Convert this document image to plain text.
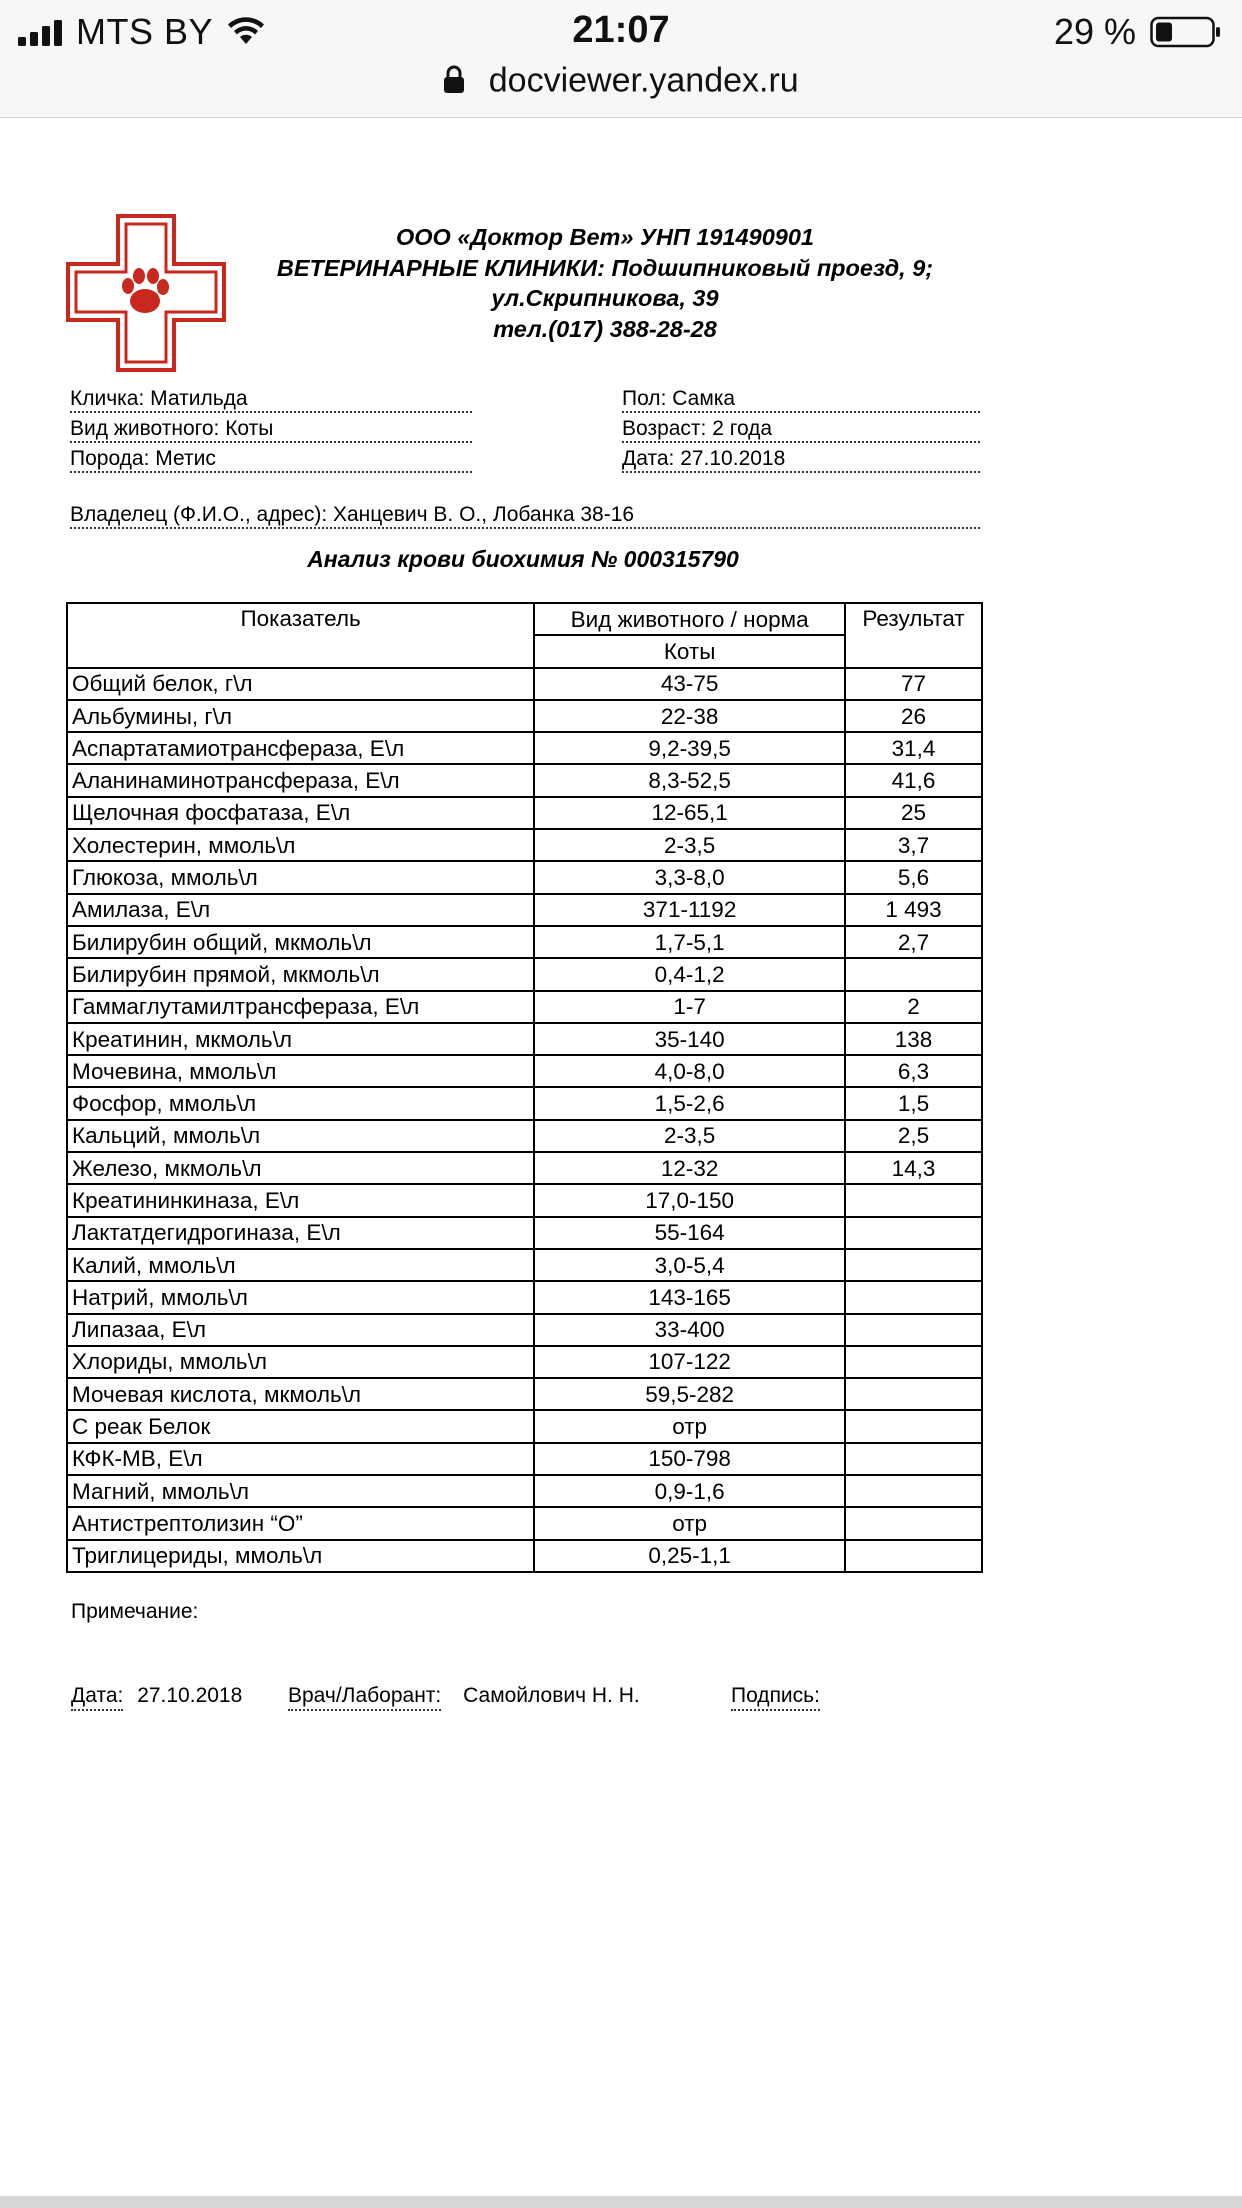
MTS BY	21:07	29 %
docviewer.yandex.ru
ООО «Доктор Вет» УНП 191490901
ВЕТЕРИНАРНЫЕ КЛИНИКИ: Подшипниковый проезд, 9;
ул.Скрипникова, 39
тел.(017) 388-28-28
Кличка: Матильда
Вид животного: Коты
Порода: Метис
Пол: Самка
Возраст: 2 года
Дата: 27.10.2018
Владелец (Ф.И.О., адрес): Ханцевич В. О., Лобанка 38-16
Анализ крови биохимия № 000315790
Показатель	Вид животного / норма	Результат
	Коты	
Общий белок, г\л	43-75	77
Альбумины, г\л	22-38	26
Аспартатамиотрансфераза, Е\л	9,2-39,5	31,4
Аланинаминотрансфераза, Е\л	8,3-52,5	41,6
Щелочная фосфатаза, Е\л	12-65,1	25
Холестерин, ммоль\л	2-3,5	3,7
Глюкоза, ммоль\л	3,3-8,0	5,6
Амилаза, Е\л	371-1192	1 493
Билирубин общий, мкмоль\л	1,7-5,1	2,7
Билирубин прямой, мкмоль\л	0,4-1,2	
Гаммаглутамилтрансфераза, Е\л	1-7	2
Креатинин, мкмоль\л	35-140	138
Мочевина, ммоль\л	4,0-8,0	6,3
Фосфор, ммоль\л	1,5-2,6	1,5
Кальций, ммоль\л	2-3,5	2,5
Железо, мкмоль\л	12-32	14,3
Креатининкиназа, Е\л	17,0-150	
Лактатдегидрогиназа, Е\л	55-164	
Калий, ммоль\л	3,0-5,4	
Натрий, ммоль\л	143-165	
Липазаа, Е\л	33-400	
Хлориды, ммоль\л	107-122	
Мочевая кислота, мкмоль\л	59,5-282	
С реак Белок	отр	
КФК-МВ, Е\л	150-798	
Магний, ммоль\л	0,9-1,6	
Антистрептолизин “О”	отр	
Триглицериды, ммоль\л	0,25-1,1	
Примечание:
Дата: 27.10.2018 Врач/Лаборант: Самойлович Н. Н.	Подпись:
